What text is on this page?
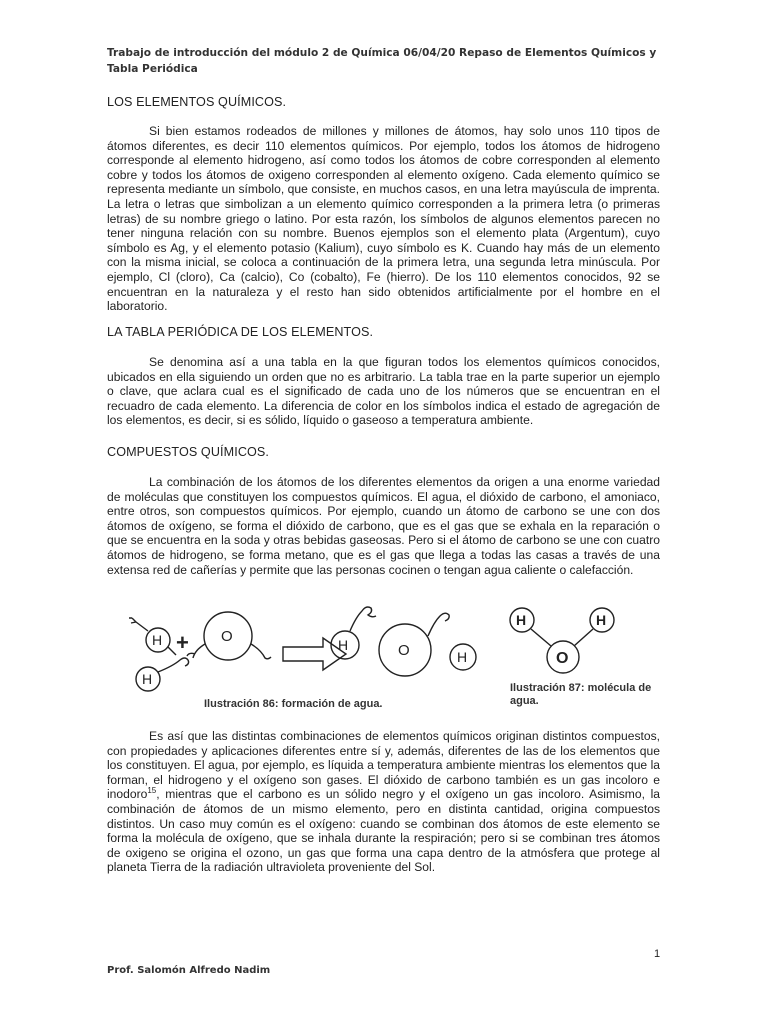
Trabajo de introducción del módulo 2 de Química 06/04/20 Repaso de Elementos Químicos y Tabla Periódica
LOS ELEMENTOS QUÍMICOS.

Si bien estamos rodeados de millones y millones de átomos, hay solo unos 110 tipos de átomos diferentes, es decir 110 elementos químicos. Por ejemplo, todos los átomos de hidrogeno corresponde al elemento hidrogeno, así como todos los átomos de cobre corresponden al elemento cobre y todos los átomos de oxigeno corresponden al elemento oxígeno. Cada elemento químico se representa mediante un símbolo, que consiste, en muchos casos, en una letra mayúscula de imprenta. La letra o letras que simbolizan a un elemento químico corresponden a la primera letra (o primeras letras) de su nombre griego o latino. Por esta razón, los símbolos de algunos elementos parecen no tener ninguna relación con su nombre. Buenos ejemplos son el elemento plata (Argentum), cuyo símbolo es Ag, y el elemento potasio (Kalium), cuyo símbolo es K. Cuando hay más de un elemento con la misma inicial, se coloca a continuación de la primera letra, una segunda letra minúscula. Por ejemplo, Cl (cloro), Ca (calcio), Co (cobalto), Fe (hierro). De los 110 elementos conocidos, 92 se encuentran en la naturaleza y el resto han sido obtenidos artificialmente por el hombre en el laboratorio.

LA TABLA PERIÓDICA DE LOS ELEMENTOS.

Se denomina así a una tabla en la que figuran todos los elementos químicos conocidos, ubicados en ella siguiendo un orden que no es arbitrario. La tabla trae en la parte superior un ejemplo o clave, que aclara cual es el significado de cada uno de los números que se encuentran en el recuadro de cada elemento. La diferencia de color en los símbolos indica el estado de agregación de los elementos, es decir, si es sólido, líquido o gaseoso a temperatura ambiente.

COMPUESTOS QUÍMICOS.

La combinación de los átomos de los diferentes elementos da origen a una enorme variedad de moléculas que constituyen los compuestos químicos. El agua, el dióxido de carbono, el amoniaco, entre otros, son compuestos químicos. Por ejemplo, cuando un átomo de carbono se une con dos átomos de oxígeno, se forma el dióxido de carbono, que es el gas que se exhala en la reparación o que se encuentra en la soda y otras bebidas gaseosas. Pero si el átomo de carbono se une con cuatro átomos de hidrogeno, se forma metano, que es el gas que llega a todas las casas a través de una extensa red de cañerías y permite que las personas cocinen o tengan agua caliente o calefacción.

H
H
+ O	H	O	H
H	H
O
Ilustración 86: formación de agua.
Ilustración 87: molécula de agua.

Es así que las distintas combinaciones de elementos químicos originan distintos compuestos, con propiedades y aplicaciones diferentes entre sí y, además, diferentes de las de los elementos que los constituyen. El agua, por ejemplo, es líquida a temperatura ambiente mientras los elementos que la forman, el hidrogeno y el oxígeno son gases. El dióxido de carbono también es un gas incoloro e inodoro$^{15}$, mientras que el carbono es un sólido negro y el oxígeno un gas incoloro. Asimismo, la combinación de átomos de un mismo elemento, pero en distinta cantidad, origina compuestos distintos. Un caso muy común es el oxígeno: cuando se combinan dos átomos de este elemento se forma la molécula de oxígeno, que se inhala durante la respiración; pero si se combinan tres átomos de oxigeno se origina el ozono, un gas que forma una capa dentro de la atmósfera que protege al planeta Tierra de la radiación ultravioleta proveniente del Sol.

1
Prof. Salomón Alfredo Nadim
